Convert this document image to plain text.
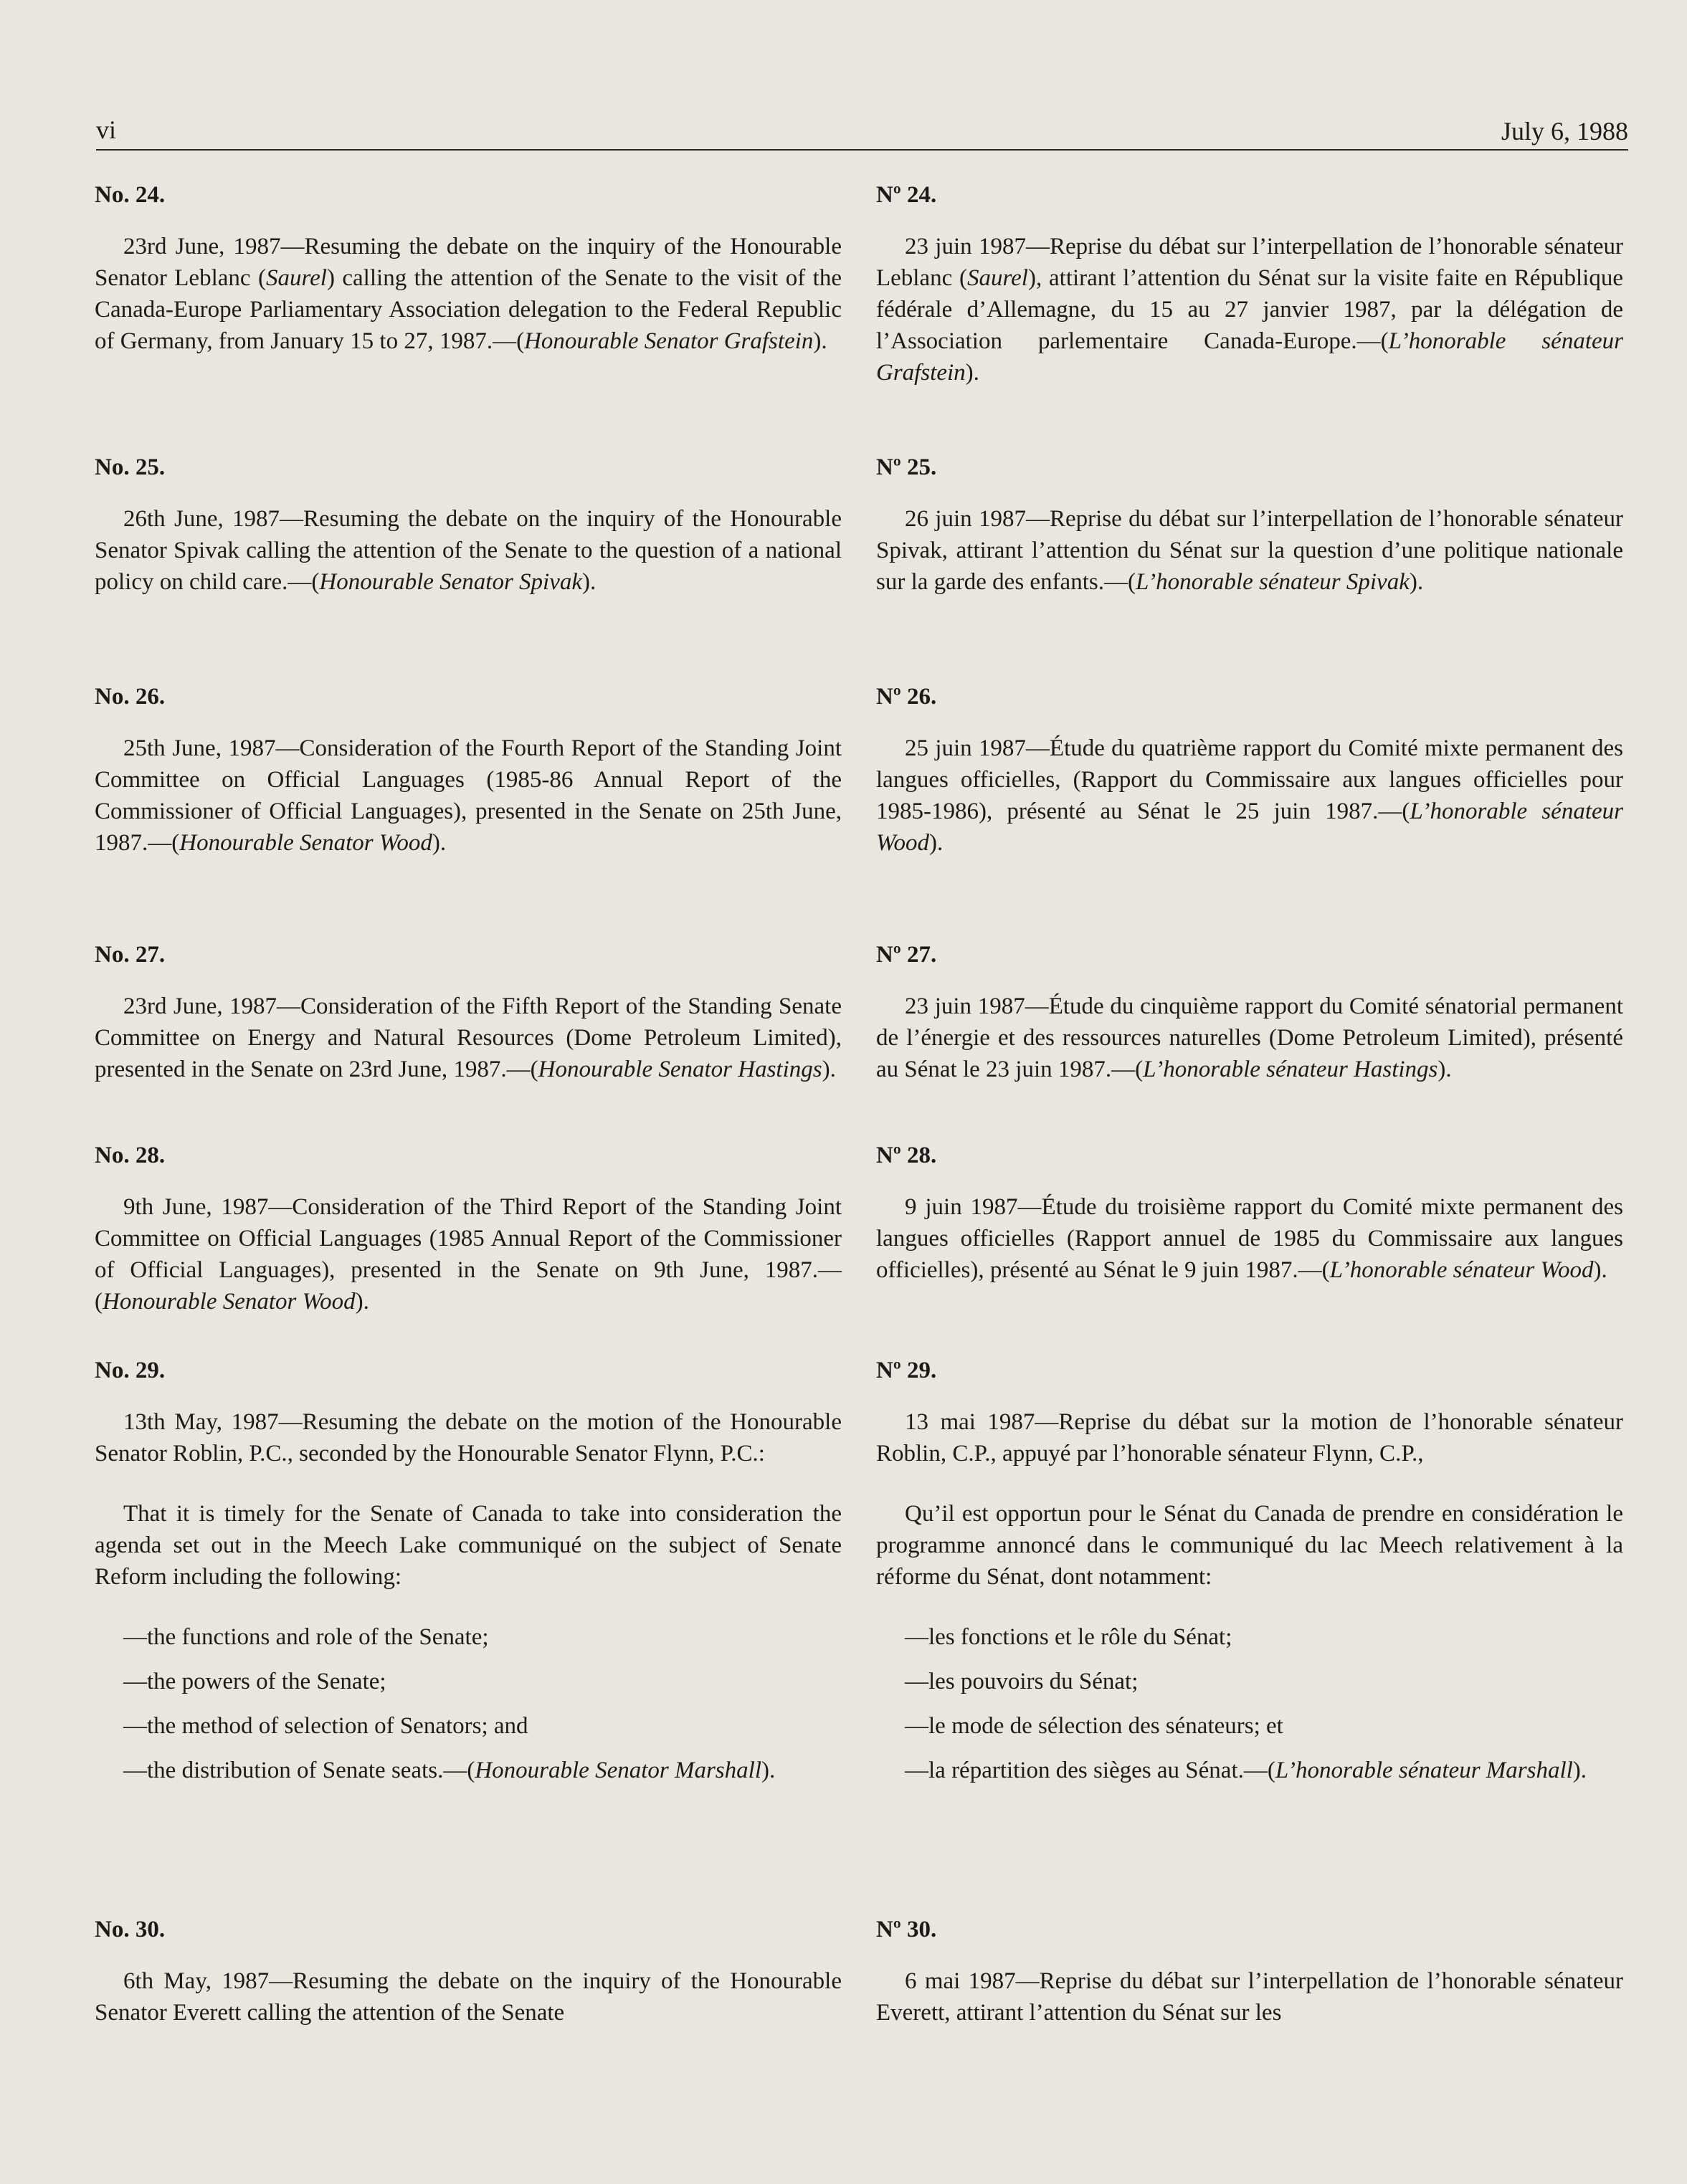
vi	July 6, 1988
No. 24.

23rd June, 1987—Resuming the debate on the inquiry of the Honourable Senator Leblanc (Saurel) calling the attention of the Senate to the visit of the Canada-Europe Parliamentary Association delegation to the Federal Republic of Germany, from January 15 to 27, 1987.—(Honourable Senator Grafstein).

No. 25.

26th June, 1987—Resuming the debate on the inquiry of the Honourable Senator Spivak calling the attention of the Senate to the question of a national policy on child care.—(Honourable Senator Spivak).

No. 26.

25th June, 1987—Consideration of the Fourth Report of the Standing Joint Committee on Official Languages (1985-86 Annual Report of the Commissioner of Official Languages), presented in the Senate on 25th June, 1987.—(Honourable Senator Wood).

No. 27.

23rd June, 1987—Consideration of the Fifth Report of the Standing Senate Committee on Energy and Natural Resources (Dome Petroleum Limited), presented in the Senate on 23rd June, 1987.—(Honourable Senator Hastings).

No. 28.

9th June, 1987—Consideration of the Third Report of the Standing Joint Committee on Official Languages (1985 Annual Report of the Commissioner of Official Languages), presented in the Senate on 9th June, 1987.—(Honourable Senator Wood).

No. 29.

13th May, 1987—Resuming the debate on the motion of the Honourable Senator Roblin, P.C., seconded by the Honourable Senator Flynn, P.C.:

That it is timely for the Senate of Canada to take into consideration the agenda set out in the Meech Lake communiqué on the subject of Senate Reform including the following:

—the functions and role of the Senate;

—the powers of the Senate;

—the method of selection of Senators; and

—the distribution of Senate seats.—(Honourable Senator Marshall).

No. 30.

6th May, 1987—Resuming the debate on the inquiry of the Honourable Senator Everett calling the attention of the Senate

Nº 24.

23 juin 1987—Reprise du débat sur l’interpellation de l’honorable sénateur Leblanc (Saurel), attirant l’attention du Sénat sur la visite faite en République fédérale d’Allemagne, du 15 au 27 janvier 1987, par la délégation de l’Association parlementaire Canada-Europe.—(L’honorable sénateur Grafstein).

Nº 25.

26 juin 1987—Reprise du débat sur l’interpellation de l’honorable sénateur Spivak, attirant l’attention du Sénat sur la question d’une politique nationale sur la garde des enfants.—(L’honorable sénateur Spivak).

Nº 26.

25 juin 1987—Étude du quatrième rapport du Comité mixte permanent des langues officielles, (Rapport du Commissaire aux langues officielles pour 1985-1986), présenté au Sénat le 25 juin 1987.—(L’honorable sénateur Wood).

Nº 27.

23 juin 1987—Étude du cinquième rapport du Comité sénatorial permanent de l’énergie et des ressources naturelles (Dome Petroleum Limited), présenté au Sénat le 23 juin 1987.—(L’honorable sénateur Hastings).

Nº 28.

9 juin 1987—Étude du troisième rapport du Comité mixte permanent des langues officielles (Rapport annuel de 1985 du Commissaire aux langues officielles), présenté au Sénat le 9 juin 1987.—(L’honorable sénateur Wood).

Nº 29.

13 mai 1987—Reprise du débat sur la motion de l’honorable sénateur Roblin, C.P., appuyé par l’honorable sénateur Flynn, C.P.,

Qu’il est opportun pour le Sénat du Canada de prendre en considération le programme annoncé dans le communiqué du lac Meech relativement à la réforme du Sénat, dont notamment:

—les fonctions et le rôle du Sénat;

—les pouvoirs du Sénat;

—le mode de sélection des sénateurs; et

—la répartition des sièges au Sénat.—(L’honorable sénateur Marshall).

Nº 30.

6 mai 1987—Reprise du débat sur l’interpellation de l’honorable sénateur Everett, attirant l’attention du Sénat sur les
